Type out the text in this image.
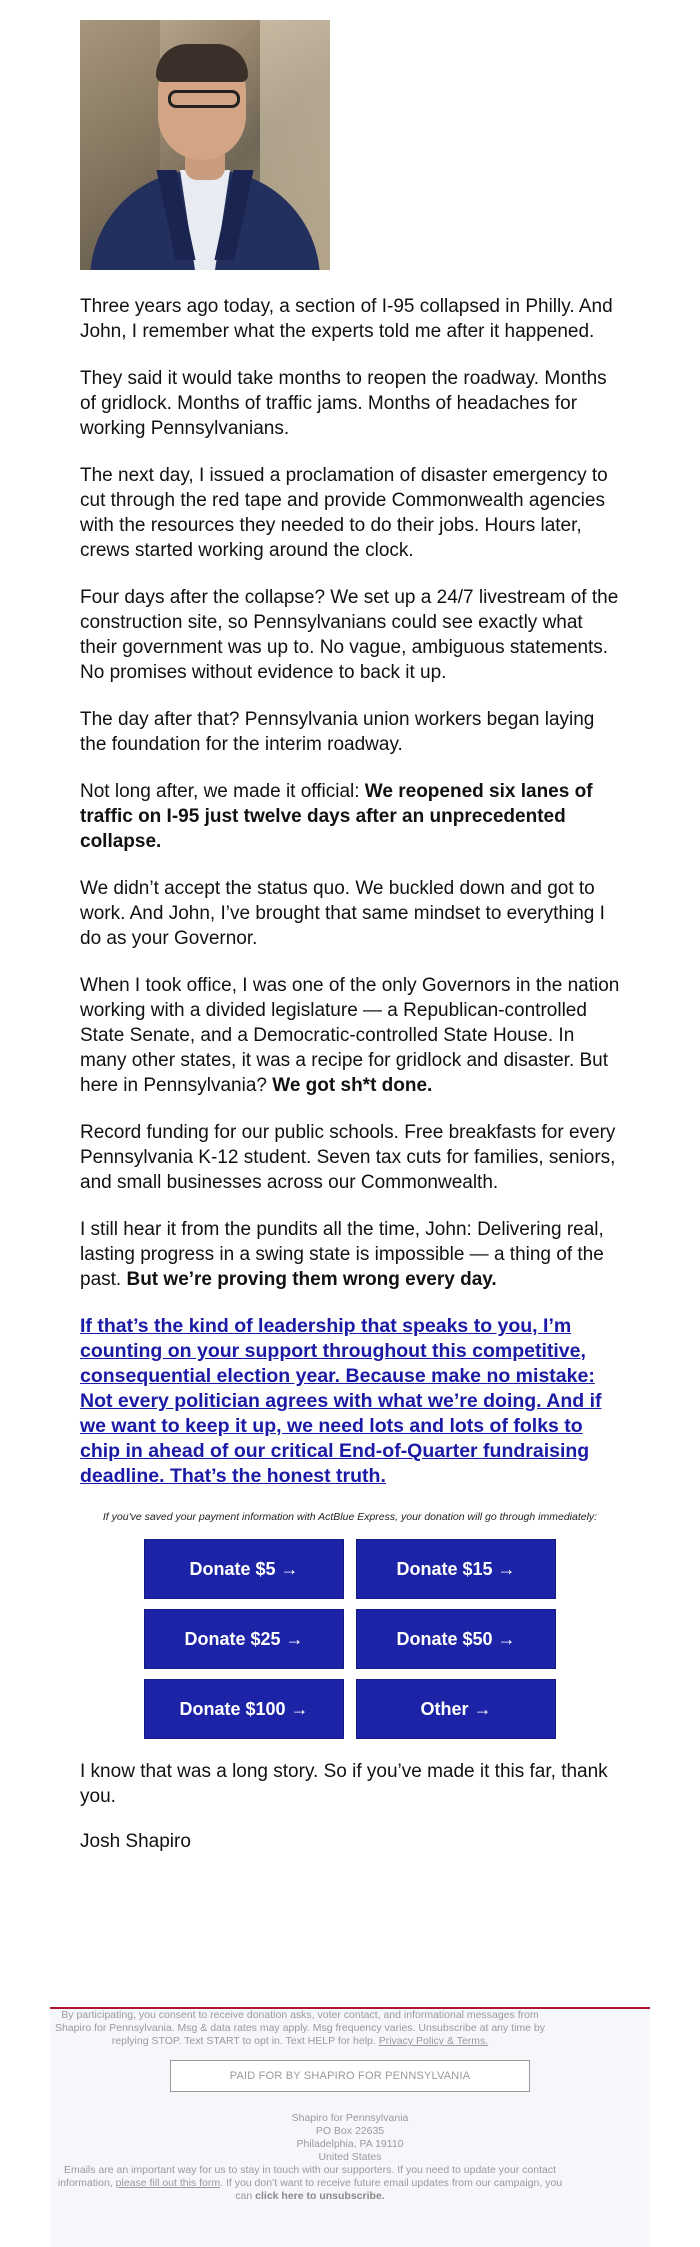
Three years ago today, a section of I-95 collapsed in Philly. And John, I remember what the experts told me after it happened.

They said it would take months to reopen the roadway. Months of gridlock. Months of traffic jams. Months of headaches for working Pennsylvanians.

The next day, I issued a proclamation of disaster emergency to cut through the red tape and provide Commonwealth agencies with the resources they needed to do their jobs. Hours later, crews started working around the clock.

Four days after the collapse? We set up a 24/7 livestream of the construction site, so Pennsylvanians could see exactly what their government was up to. No vague, ambiguous statements. No promises without evidence to back it up.

The day after that? Pennsylvania union workers began laying the foundation for the interim roadway.

Not long after, we made it official: We reopened six lanes of traffic on I-95 just twelve days after an unprecedented collapse.

We didn’t accept the status quo. We buckled down and got to work. And John, I’ve brought that same mindset to everything I do as your Governor.

When I took office, I was one of the only Governors in the nation working with a divided legislature — a Republican-controlled State Senate, and a Democratic-controlled State House. In many other states, it was a recipe for gridlock and disaster. But here in Pennsylvania? We got sh*t done.

Record funding for our public schools. Free breakfasts for every Pennsylvania K-12 student. Seven tax cuts for families, seniors, and small businesses across our Commonwealth.

I still hear it from the pundits all the time, John: Delivering real, lasting progress in a swing state is impossible — a thing of the past. But we’re proving them wrong every day.

If that’s the kind of leadership that speaks to you, I’m counting on your support throughout this competitive, consequential election year. Because make no mistake: Not every politician agrees with what we’re doing. And if we want to keep it up, we need lots and lots of folks to chip in ahead of our critical End-of-Quarter fundraising deadline. That’s the honest truth.
If you've saved your payment information with ActBlue Express, your donation will go through immediately:
Donate $5 →	Donate $15 →
Donate $25 →	Donate $50 →
Donate $100 →	Other →

I know that was a long story. So if you’ve made it this far, thank you.

Josh Shapiro

By participating, you consent to receive donation asks, voter contact, and informational messages from Shapiro for Pennsylvania. Msg & data rates may apply. Msg frequency varies. Unsubscribe at any time by replying STOP. Text START to opt in. Text HELP for help. Privacy Policy & Terms.

PAID FOR BY SHAPIRO FOR PENNSYLVANIA

Shapiro for Pennsylvania

PO Box 22635

Philadelphia, PA 19110

United States

Emails are an important way for us to stay in touch with our supporters. If you need to update your contact information, please fill out this form. If you don’t want to receive future email updates from our campaign, you can click here to unsubscribe.
